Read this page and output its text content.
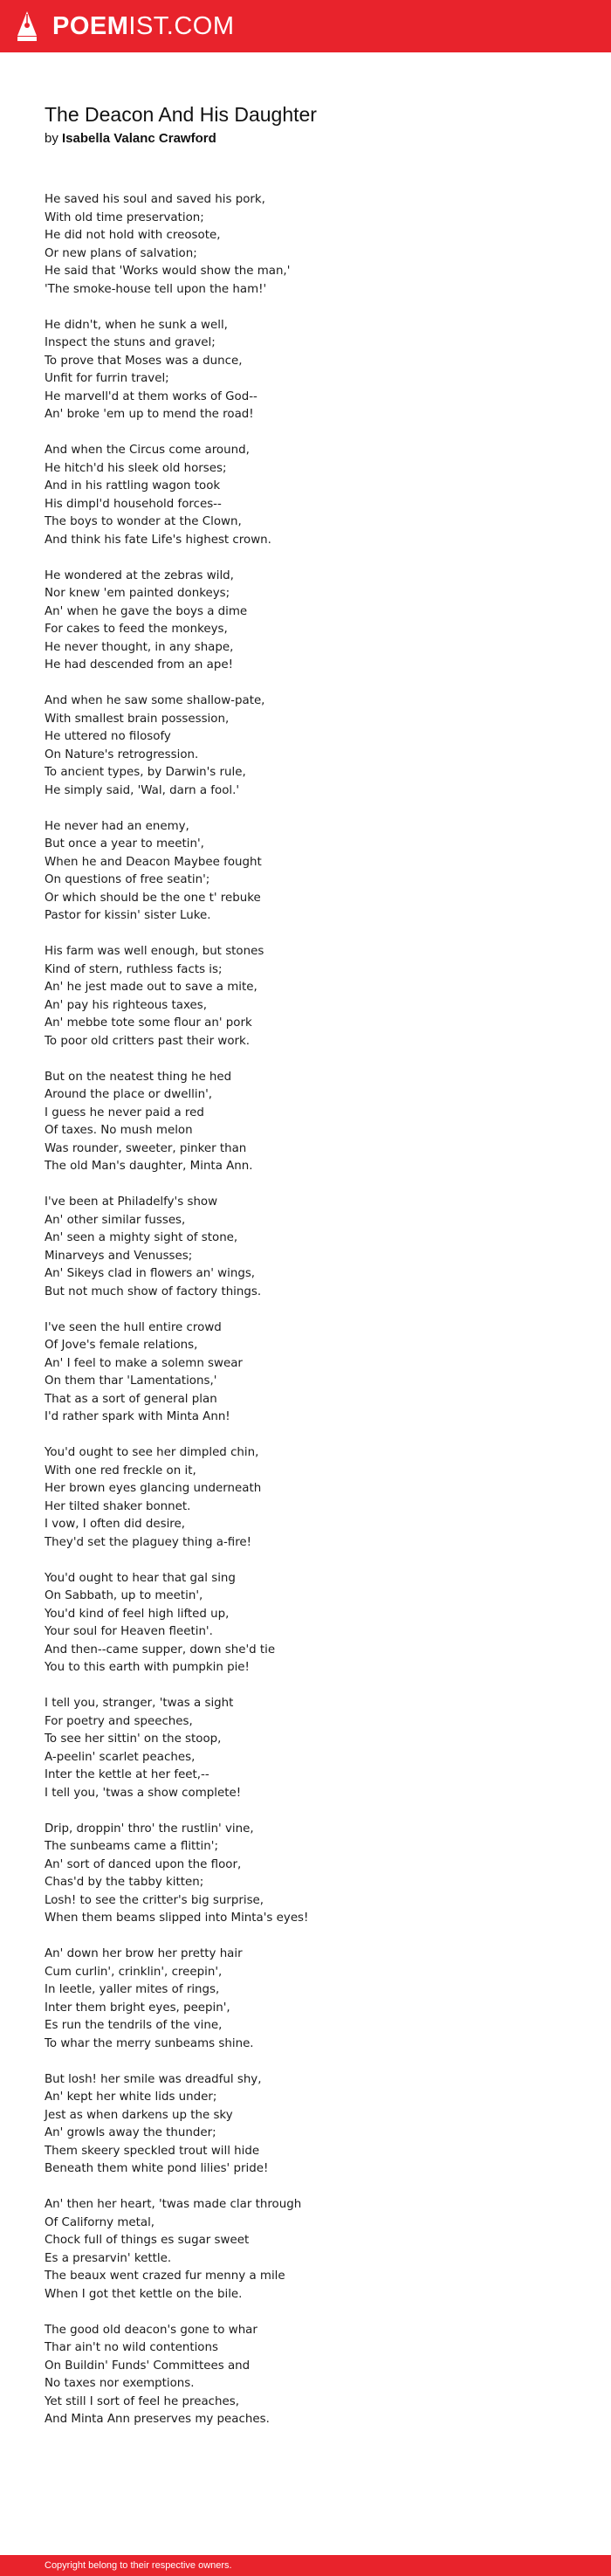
POEMIST.COM
The Deacon And His Daughter
by Isabella Valanc Crawford
He saved his soul and saved his pork,
With old time preservation;
He did not hold with creosote,
Or new plans of salvation;
He said that 'Works would show the man,'
'The smoke-house tell upon the ham!'
He didn't, when he sunk a well,
Inspect the stuns and gravel;
To prove that Moses was a dunce,
Unfit for furrin travel;
He marvell'd at them works of God--
An' broke 'em up to mend the road!
And when the Circus come around,
He hitch'd his sleek old horses;
And in his rattling wagon took
His dimpl'd household forces--
The boys to wonder at the Clown,
And think his fate Life's highest crown.
He wondered at the zebras wild,
Nor knew 'em painted donkeys;
An' when he gave the boys a dime
For cakes to feed the monkeys,
He never thought, in any shape,
He had descended from an ape!
And when he saw some shallow-pate,
With smallest brain possession,
He uttered no filosofy
On Nature's retrogression.
To ancient types, by Darwin's rule,
He simply said, 'Wal, darn a fool.'
He never had an enemy,
But once a year to meetin',
When he and Deacon Maybee fought
On questions of free seatin';
Or which should be the one t' rebuke
Pastor for kissin' sister Luke.
His farm was well enough, but stones
Kind of stern, ruthless facts is;
An' he jest made out to save a mite,
An' pay his righteous taxes,
An' mebbe tote some flour an' pork
To poor old critters past their work.
But on the neatest thing he hed
Around the place or dwellin',
I guess he never paid a red
Of taxes. No mush melon
Was rounder, sweeter, pinker than
The old Man's daughter, Minta Ann.
I've been at Philadelfy's show
An' other similar fusses,
An' seen a mighty sight of stone,
Minarveys and Venusses;
An' Sikeys clad in flowers an' wings,
But not much show of factory things.
I've seen the hull entire crowd
Of Jove's female relations,
An' I feel to make a solemn swear
On them thar 'Lamentations,'
That as a sort of general plan
I'd rather spark with Minta Ann!
You'd ought to see her dimpled chin,
With one red freckle on it,
Her brown eyes glancing underneath
Her tilted shaker bonnet.
I vow, I often did desire,
They'd set the plaguey thing a-fire!
You'd ought to hear that gal sing
On Sabbath, up to meetin',
You'd kind of feel high lifted up,
Your soul for Heaven fleetin'.
And then--came supper, down she'd tie
You to this earth with pumpkin pie!
I tell you, stranger, 'twas a sight
For poetry and speeches,
To see her sittin' on the stoop,
A-peelin' scarlet peaches,
Inter the kettle at her feet,--
I tell you, 'twas a show complete!
Drip, droppin' thro' the rustlin' vine,
The sunbeams came a flittin';
An' sort of danced upon the floor,
Chas'd by the tabby kitten;
Losh! to see the critter's big surprise,
When them beams slipped into Minta's eyes!
An' down her brow her pretty hair
Cum curlin', crinklin', creepin',
In leetle, yaller mites of rings,
Inter them bright eyes, peepin',
Es run the tendrils of the vine,
To whar the merry sunbeams shine.
But losh! her smile was dreadful shy,
An' kept her white lids under;
Jest as when darkens up the sky
An' growls away the thunder;
Them skeery speckled trout will hide
Beneath them white pond lilies' pride!
An' then her heart, 'twas made clar through
Of Californy metal,
Chock full of things es sugar sweet
Es a presarvin' kettle.
The beaux went crazed fur menny a mile
When I got thet kettle on the bile.
The good old deacon's gone to whar
Thar ain't no wild contentions
On Buildin' Funds' Committees and
No taxes nor exemptions.
Yet still I sort of feel he preaches,
And Minta Ann preserves my peaches.
Copyright belong to their respective owners.
